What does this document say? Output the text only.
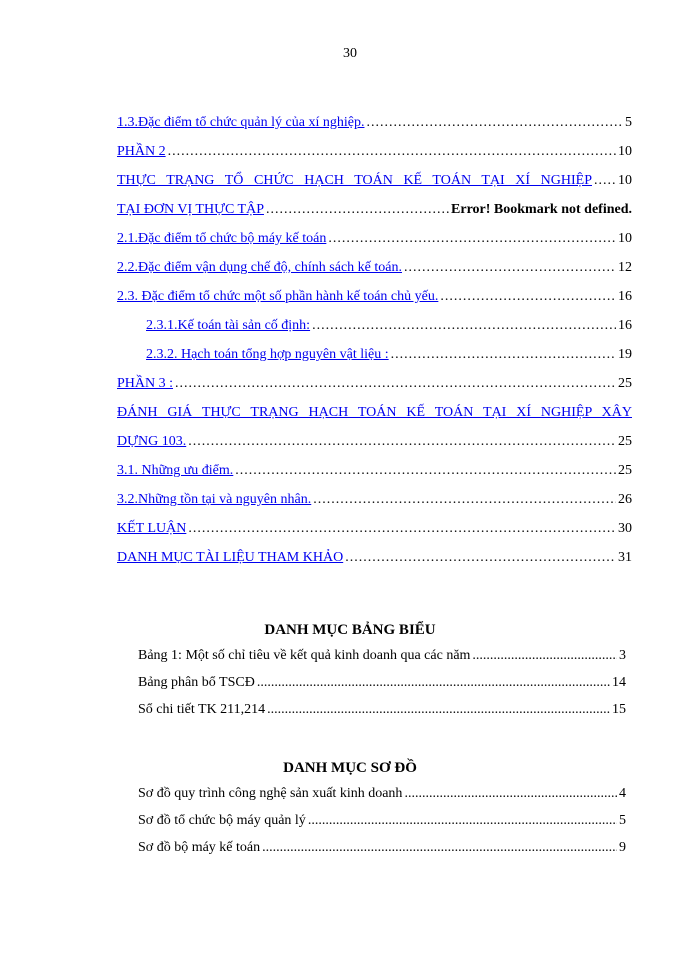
30
1.3.Đặc điểm tổ chức quản lý của xí nghiệp. .....	5
PHẦN 2 .....	10
THỰC TRẠNG TỔ CHỨC HẠCH TOÁN KẾ TOÁN TẠI XÍ NGHIỆP ..... 10
TẠI ĐƠN VỊ THỰC TẬP .....	Error! Bookmark not defined.
2.1.Đặc điểm tổ chức bộ máy kế toán .....	10
2.2.Đặc điểm vận dụng chế độ, chính sách kế toán. .....	12
2.3. Đặc điểm tổ chức một số phần hành kế toán chủ yếu. .....	16
2.3.1.Kế toán tài sản cố định: .....	16
2.3.2. Hạch toán tổng hợp nguyên vật liệu : .....	19
PHẦN 3 : .....	25
ĐÁNH GIÁ THỰC TRẠNG HẠCH TOÁN KẾ TOÁN TẠI XÍ NGHIỆP XÂY
DỰNG 103. .....	25
3.1. Những ưu điểm. .....	25
3.2.Những tồn tại và nguyên nhân. .....	26
KẾT LUẬN .....	30
DANH MỤC TÀI LIỆU THAM KHẢO .....	31
DANH MỤC BẢNG BIỂU
Bảng 1: Một số chỉ tiêu về kết quả kinh doanh qua các năm .....	3
Bảng phân bổ TSCĐ .....	14
Sổ chi tiết TK 211,214 .....	15
DANH MỤC SƠ ĐỒ
Sơ đồ quy trình công nghệ sản xuất kinh doanh .....	4
Sơ đồ tổ chức bộ máy quản lý .....	5
Sơ đồ bộ máy kế toán .....	9
